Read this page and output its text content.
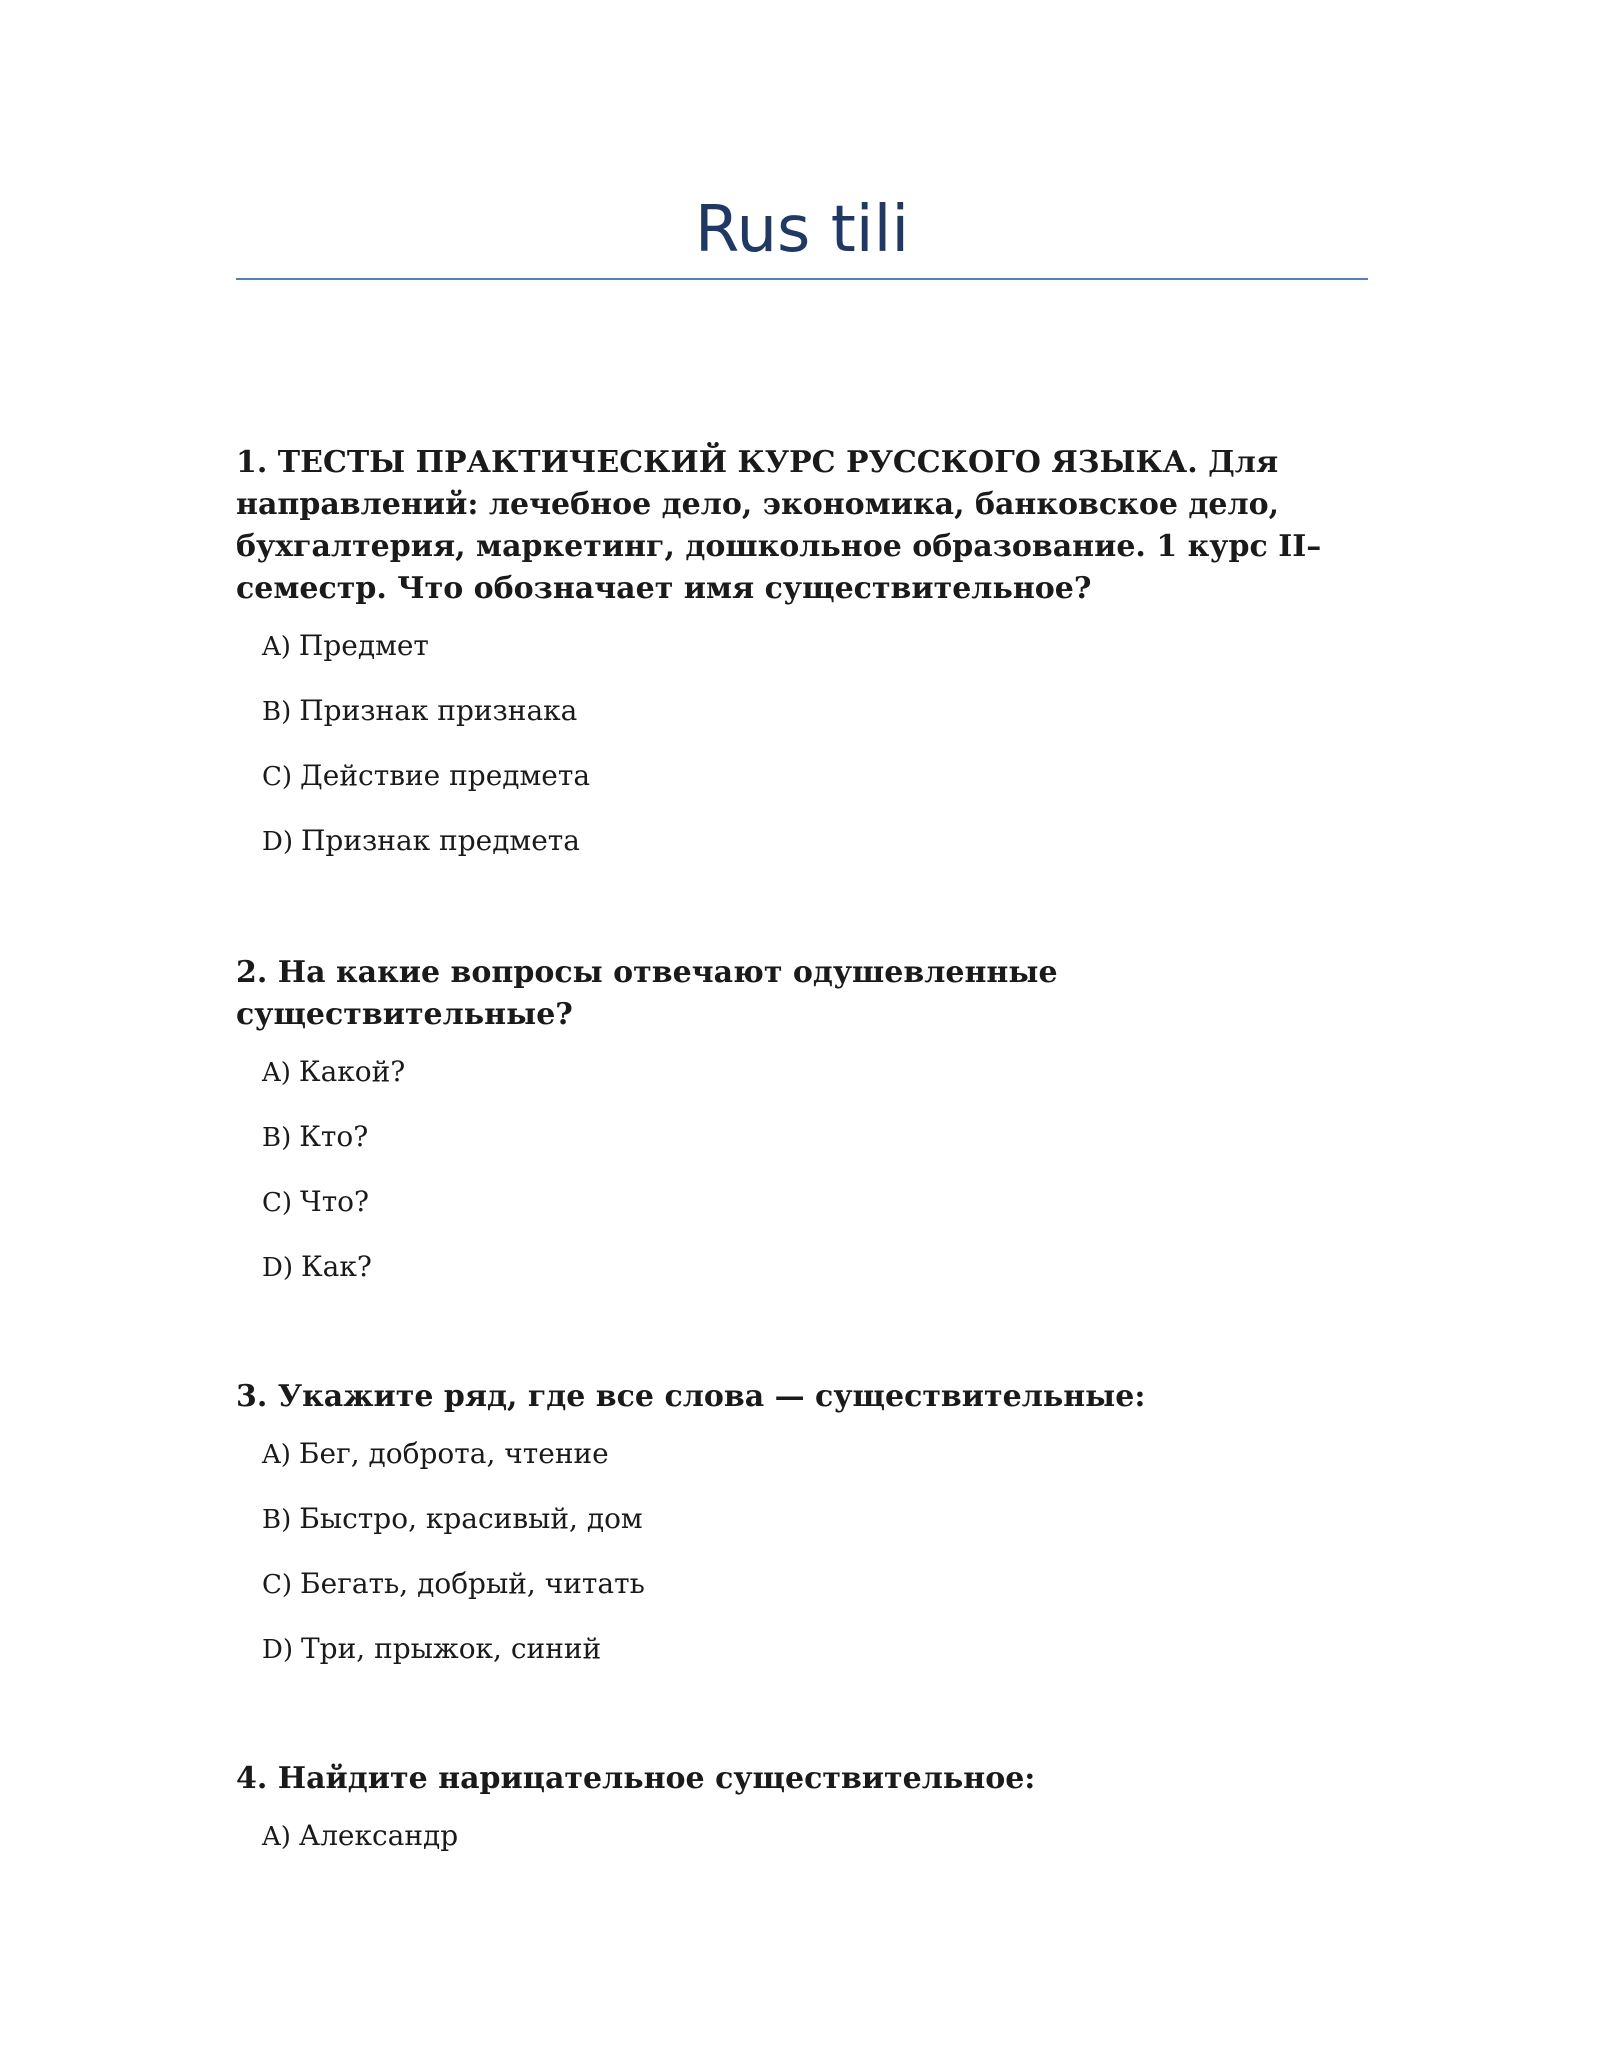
Rus tili

1. ТЕСТЫ ПРАКТИЧЕСКИЙ КУРС РУССКОГО ЯЗЫКА. Для направлений: лечебное дело, экономика, банковское дело, бухгалтерия, маркетинг, дошкольное образование. 1 курс II– семестр. Что обозначает имя существительное?

A) Предмет
B) Признак признака
C) Действие предмета
D) Признак предмета

2. На какие вопросы отвечают одушевленные существительные?

A) Какой?
B) Кто?
C) Что?
D) Как?

3. Укажите ряд, где все слова — существительные:

A) Бег, доброта, чтение
B) Быстро, красивый, дом
C) Бегать, добрый, читать
D) Три, прыжок, синий

4. Найдите нарицательное существительное:

A) Александр
